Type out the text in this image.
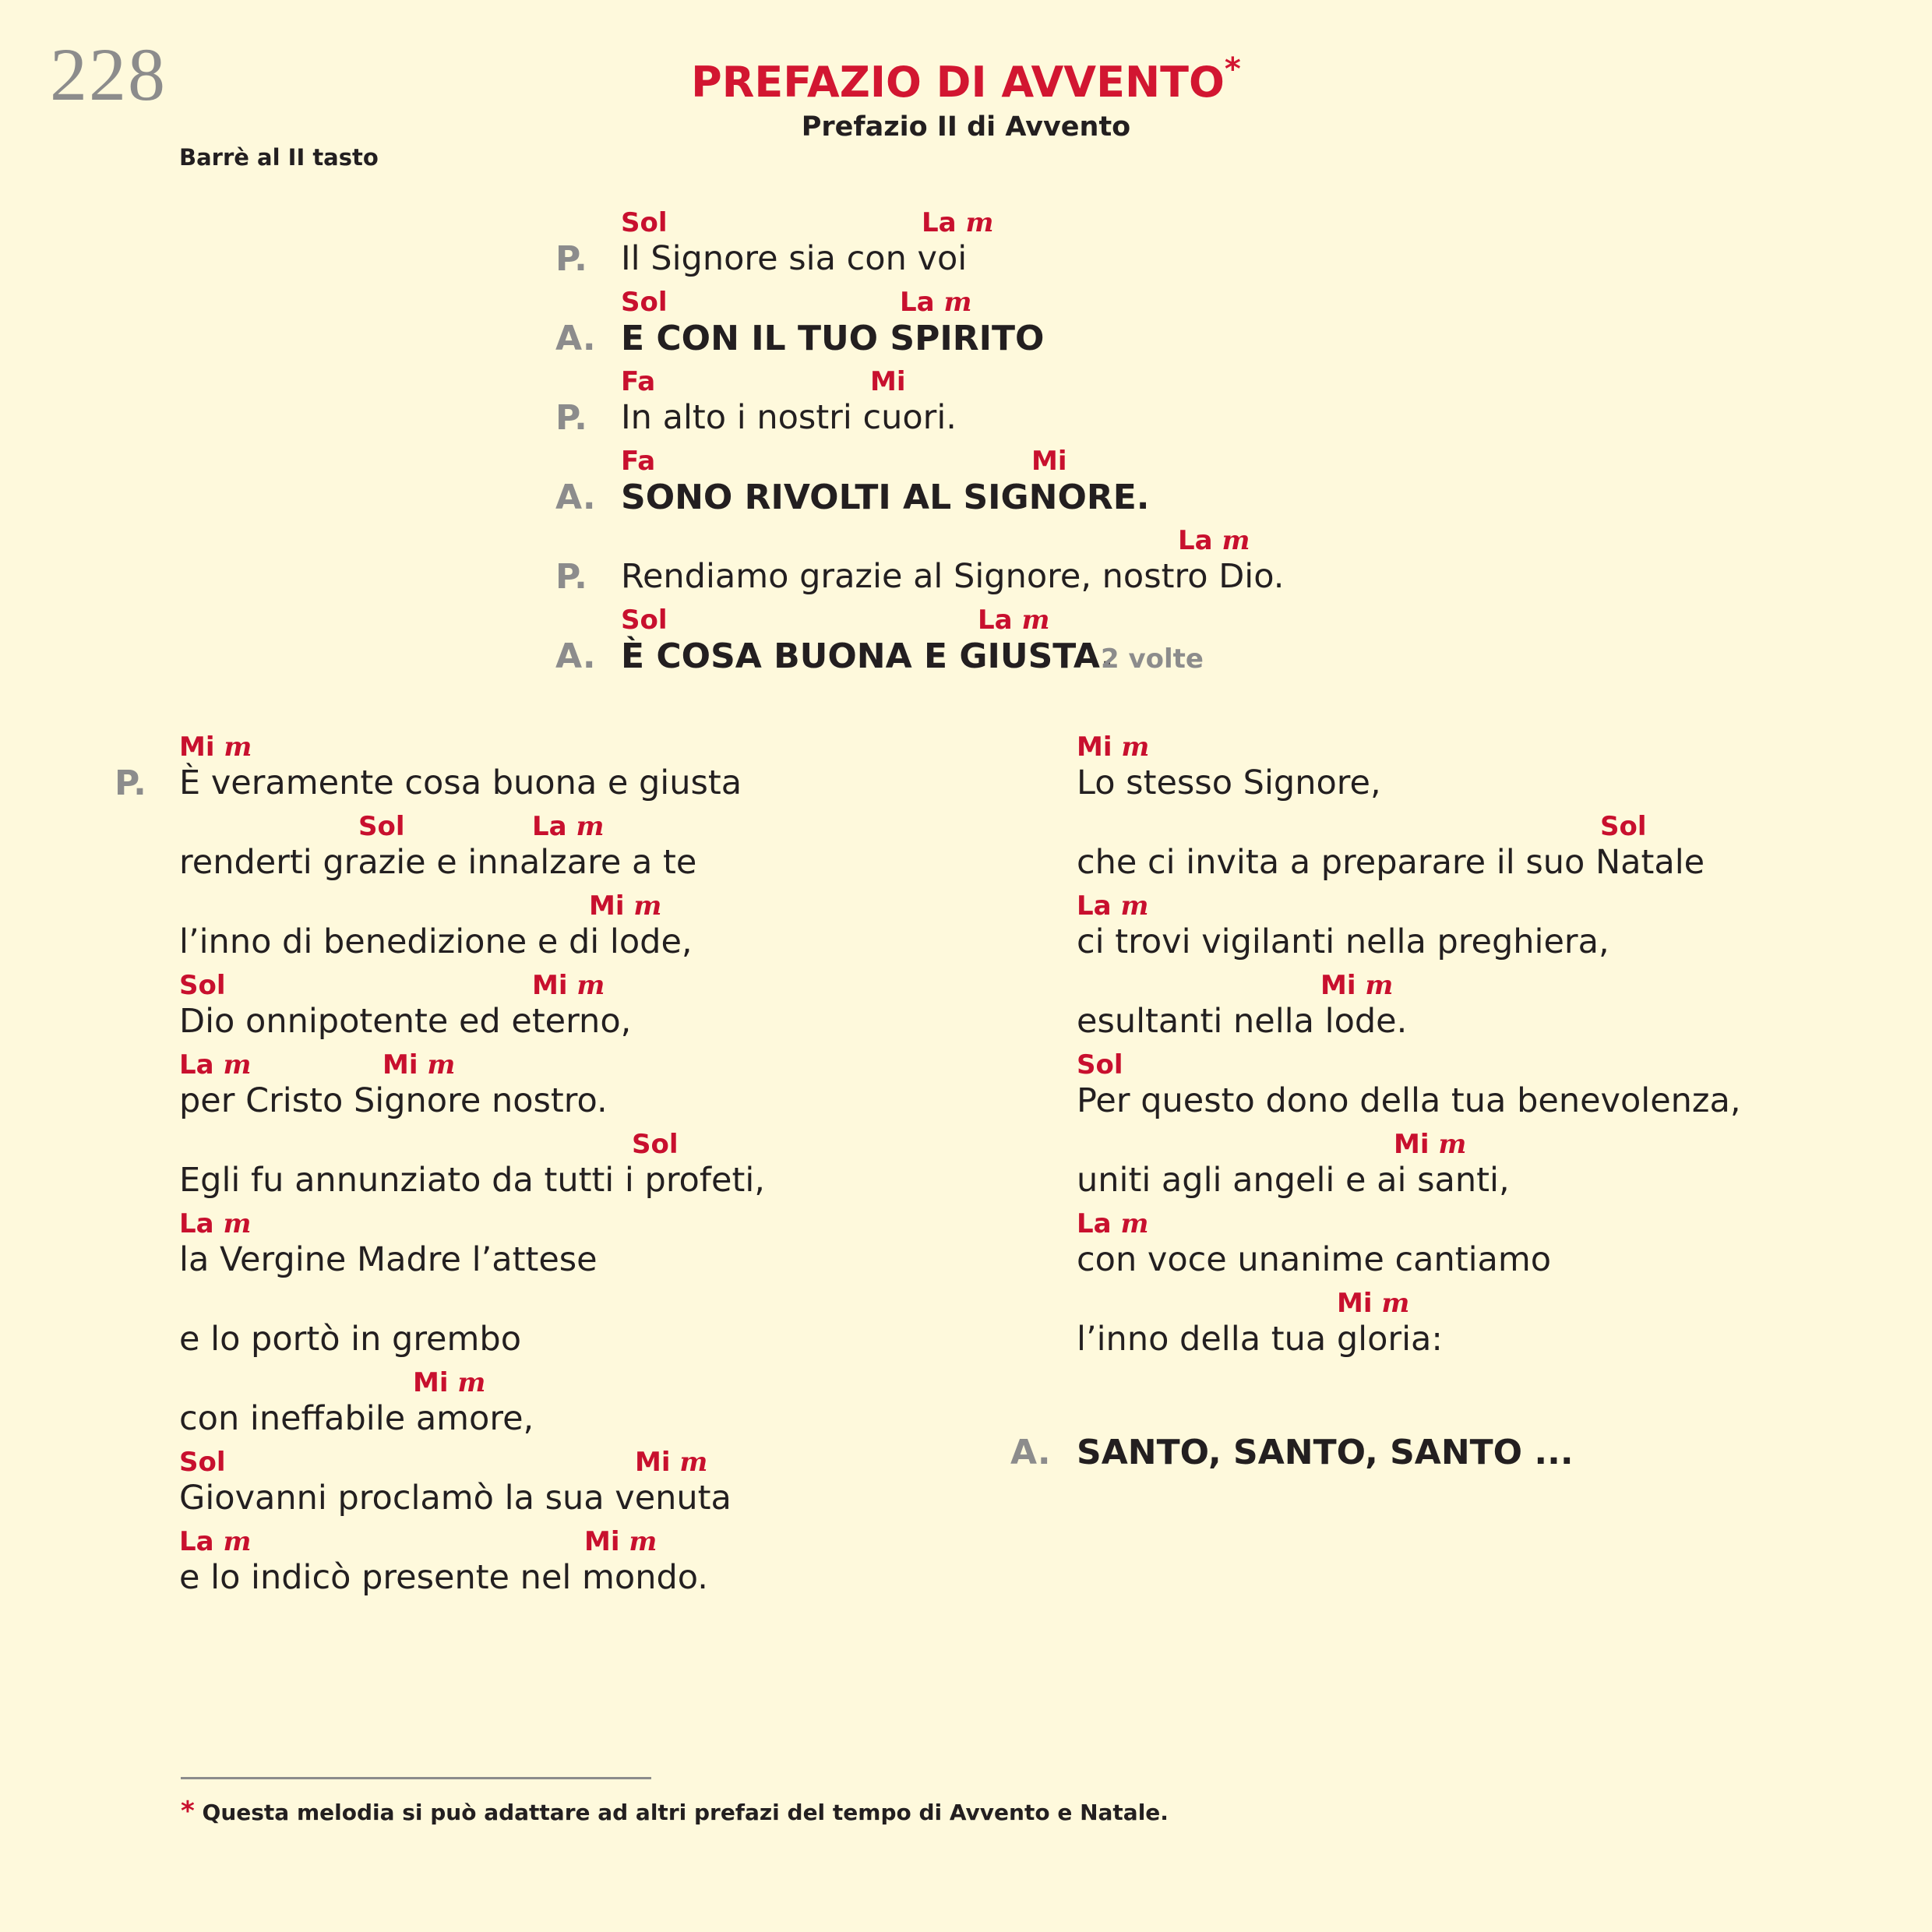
228	PREFAZIO DI AVVENTO*
Prefazio II di Avvento
Barrè al II tasto
Sol	La m
P. Il Signore sia con voi
Sol	La m
A. E CON IL TUO SPIRITO
Fa	Mi
P. In alto i nostri cuori.
Fa	Mi
A. SONO RIVOLTI AL SIGNORE.
La m
P. Rendiamo grazie al Signore, nostro Dio.
Sol	La m
A. È COSA BUONA E GIUSTA.
2 volte
P.
Mi m
È veramente cosa buona e giusta
Sol	La m
renderti grazie e innalzare a te
Mi m
l’inno di benedizione e di lode,
Sol	Mi m
Dio onnipotente ed eterno,
La m	Mi m
per Cristo Signore nostro.
Sol
Egli fu annunziato da tutti i profeti,
La m
la Vergine Madre l’attese
e lo portò in grembo
Mi m
con ineffabile amore,
Sol	Mi m
Giovanni proclamò la sua venuta
La m	Mi m
e lo indicò presente nel mondo.
Mi m
Lo stesso Signore,
Sol
che ci invita a preparare il suo Natale
La m
ci trovi vigilanti nella preghiera,
Mi m
esultanti nella lode.
Sol
Per questo dono della tua benevolenza,
Mi m
uniti agli angeli e ai santi,
La m
con voce unanime cantiamo
Mi m
l’inno della tua gloria:
A. SANTO, SANTO, SANTO ...
* Questa melodia si può adattare ad altri prefazi del tempo di Avvento e Natale.
